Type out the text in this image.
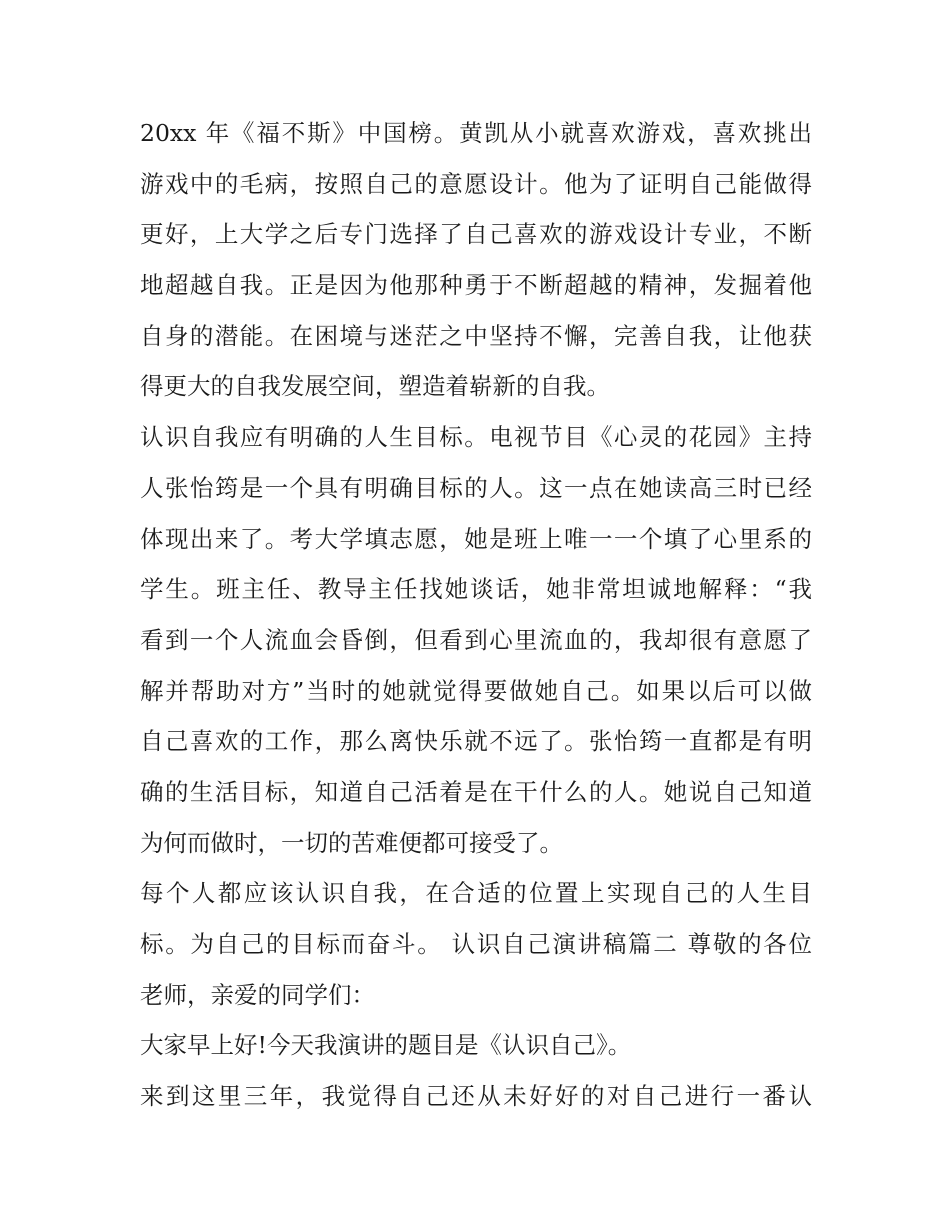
20xx 年《福不斯》中国榜。黄凯从小就喜欢游戏，喜欢挑出
游戏中的毛病，按照自己的意愿设计。他为了证明自己能做得
更好，上大学之后专门选择了自己喜欢的游戏设计专业，不断
地超越自我。正是因为他那种勇于不断超越的精神，发掘着他
自身的潜能。在困境与迷茫之中坚持不懈，完善自我，让他获
得更大的自我发展空间，塑造着崭新的自我。
认识自我应有明确的人生目标。电视节目《心灵的花园》主持
人张怡筠是一个具有明确目标的人。这一点在她读高三时已经
体现出来了。考大学填志愿，她是班上唯一一个填了心里系的
学生。班主任、教导主任找她谈话，她非常坦诚地解释：“我
看到一个人流血会昏倒，但看到心里流血的，我却很有意愿了
解并帮助对方”当时的她就觉得要做她自己。如果以后可以做
自己喜欢的工作，那么离快乐就不远了。张怡筠一直都是有明
确的生活目标，知道自己活着是在干什么的人。她说自己知道
为何而做时，一切的苦难便都可接受了。
每个人都应该认识自我，在合适的位置上实现自己的人生目
标。为自己的目标而奋斗。 认识自己演讲稿篇二 尊敬的各位
老师，亲爱的同学们：
大家早上好!今天我演讲的题目是《认识自己》。
来到这里三年，我觉得自己还从未好好的对自己进行一番认
